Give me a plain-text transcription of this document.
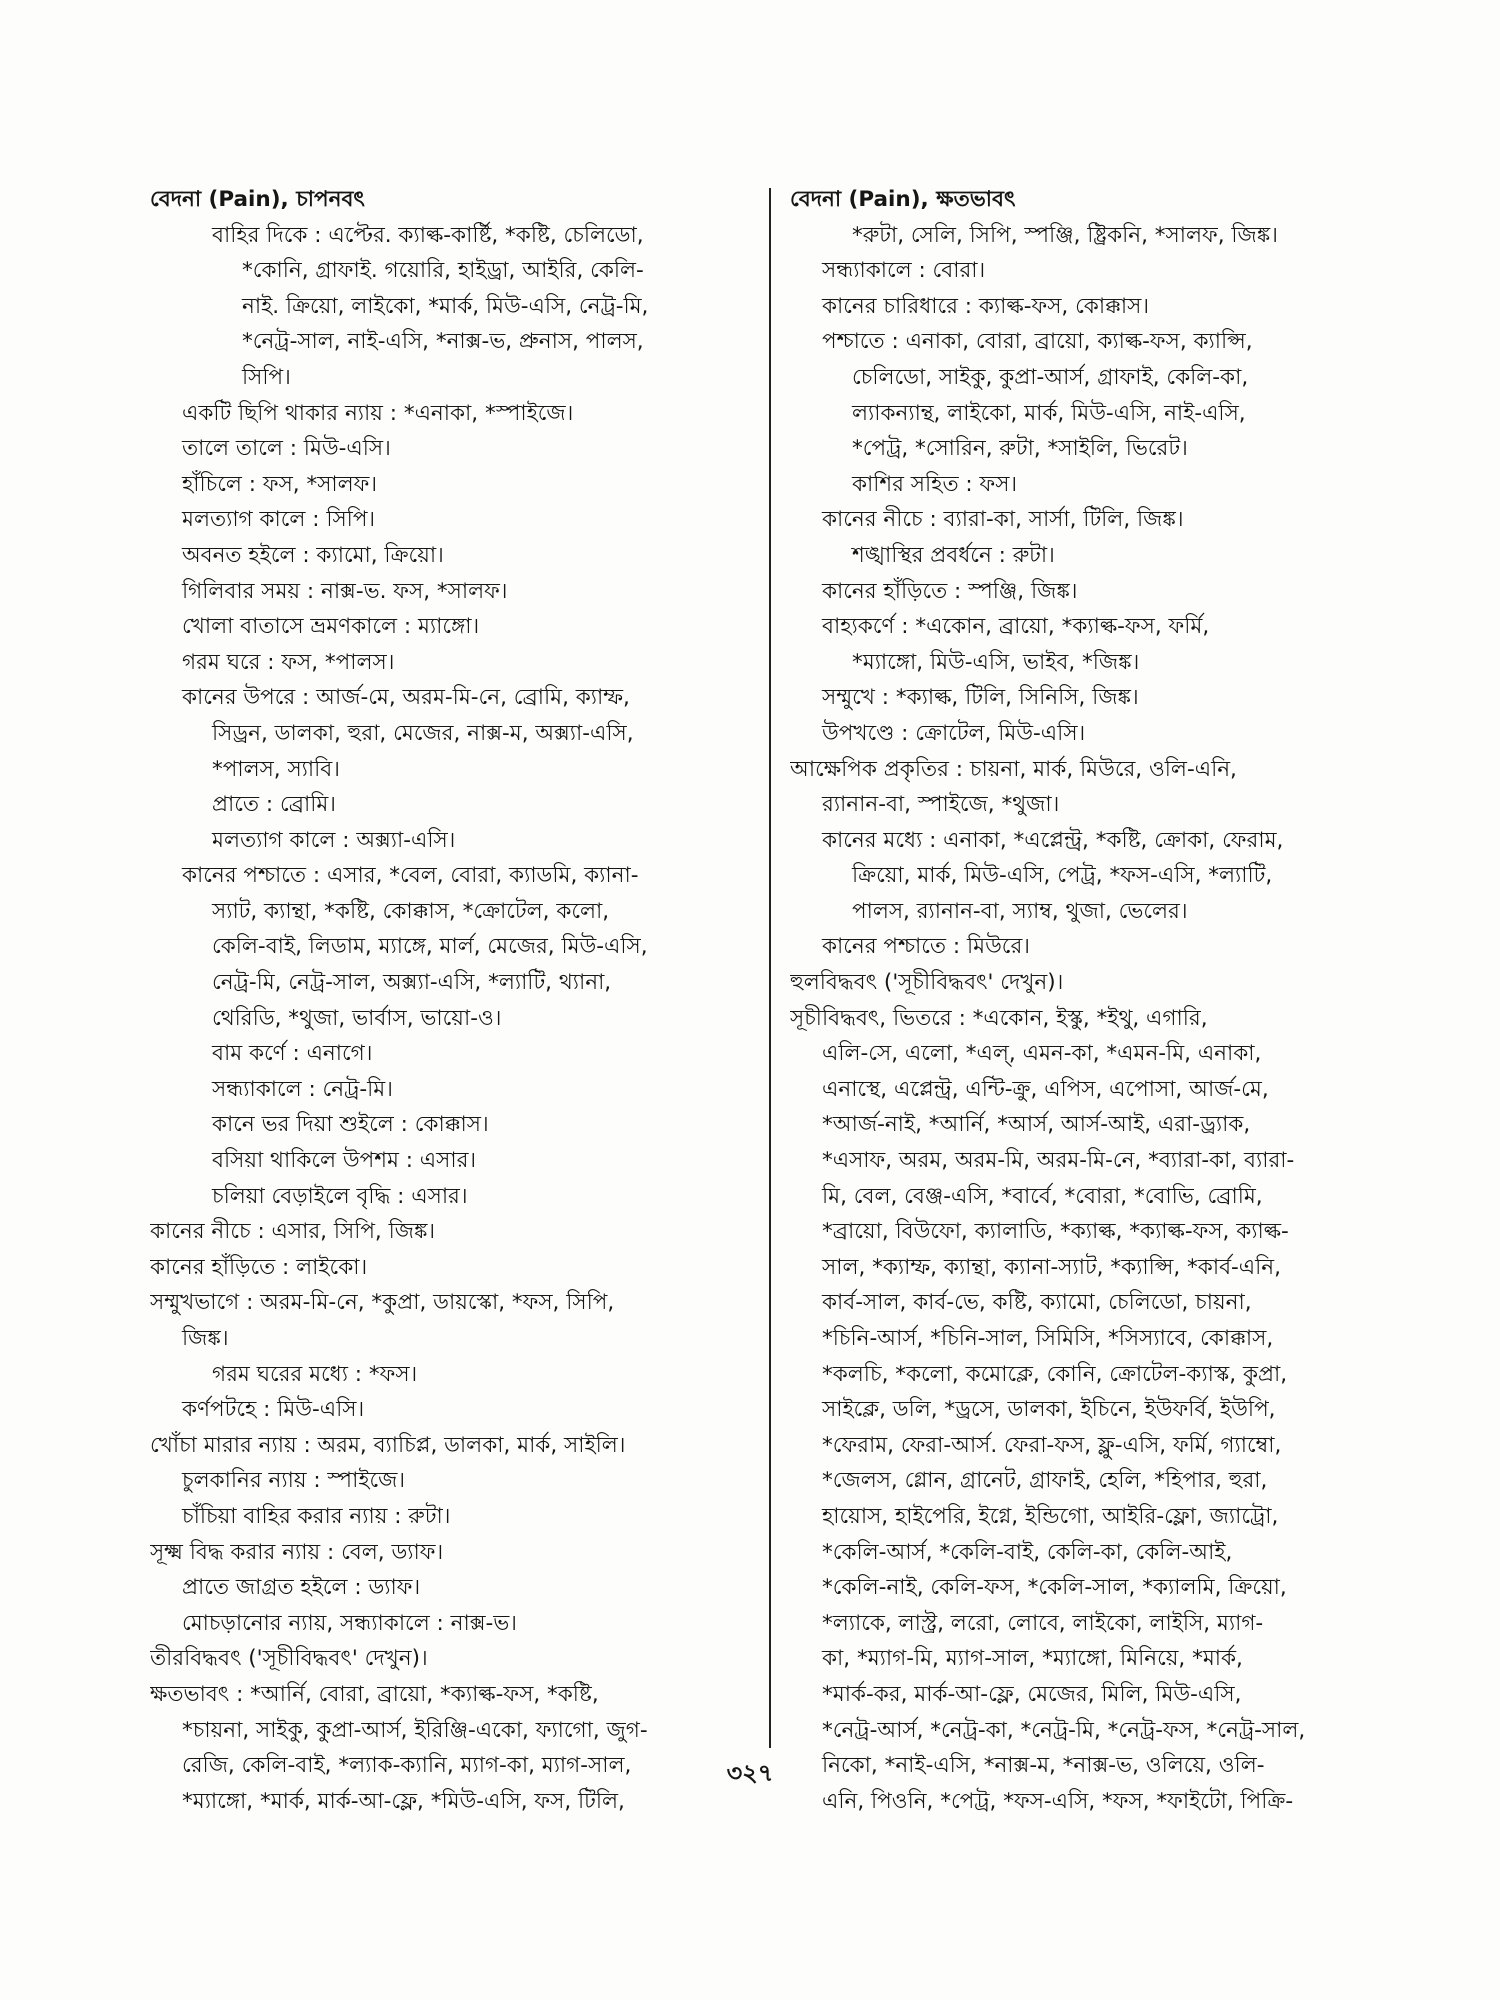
বেদনা (Pain), চাপনবৎ
বাহির দিকে : এপ্টের. ক্যাল্ক-কার্ষ্টি, *কষ্টি, চেলিডো,
*কোনি, গ্রাফাই. গয়োরি, হাইড্রা, আইরি, কেলি-
নাই. ক্রিয়ো, লাইকো, *মার্ক, মিউ-এসি, নেট্র-মি,
*নেট্র-সাল, নাই-এসি, *নাক্স-ভ, প্রুনাস, পালস,
সিপি।
একটি ছিপি থাকার ন্যায় : *এনাকা, *স্পাইজে।
তালে তালে : মিউ-এসি।
হাঁচিলে : ফস, *সালফ।
মলত্যাগ কালে : সিপি।
অবনত হইলে : ক্যামো, ক্রিয়ো।
গিলিবার সময় : নাক্স-ভ. ফস, *সালফ।
খোলা বাতাসে ভ্রমণকালে : ম্যাঙ্গো।
গরম ঘরে : ফস, *পালস।
কানের উপরে : আর্জ-মে, অরম-মি-নে, ব্রোমি, ক্যাম্ফ,
সিড্রন, ডালকা, হুরা, মেজের, নাক্স-ম, অক্স্যা-এসি,
*পালস, স্যাবি।
প্রাতে : ব্রোমি।
মলত্যাগ কালে : অক্স্যা-এসি।
কানের পশ্চাতে : এসার, *বেল, বোরা, ক্যাডমি, ক্যানা-
স্যাট, ক্যান্থা, *কষ্টি, কোক্কাস, *ক্রোটেল, কলো,
কেলি-বাই, লিডাম, ম্যাঙ্গে, মার্ল, মেজের, মিউ-এসি,
নেট্র-মি, নেট্র-সাল, অক্স্যা-এসি, *ল্যাটি, থ্যানা,
থেরিডি, *থুজা, ভার্বাস, ভায়ো-ও।
বাম কর্ণে : এনাগে।
সন্ধ্যাকালে : নেট্র-মি।
কানে ভর দিয়া শুইলে : কোক্কাস।
বসিয়া থাকিলে উপশম : এসার।
চলিয়া বেড়াইলে বৃদ্ধি : এসার।
কানের নীচে : এসার, সিপি, জিঙ্ক।
কানের হাঁড়িতে : লাইকো।
সম্মুখভাগে : অরম-মি-নে, *কুপ্রা, ডায়স্কো, *ফস, সিপি,
জিঙ্ক।
গরম ঘরের মধ্যে : *ফস।
কর্ণপটহে : মিউ-এসি।
খোঁচা মারার ন্যায় : অরম, ব্যাচিপ্ল, ডালকা, মার্ক, সাইলি।
চুলকানির ন্যায় : স্পাইজে।
চাঁচিয়া বাহির করার ন্যায় : রুটা।
সূক্ষ্ম বিদ্ধ করার ন্যায় : বেল, ড্যাফ।
প্রাতে জাগ্রত হইলে : ড্যাফ।
মোচড়ানোর ন্যায়, সন্ধ্যাকালে : নাক্স-ভ।
তীরবিদ্ধবৎ ('সূচীবিদ্ধবৎ' দেখুন)।
ক্ষতভাবৎ : *আর্নি, বোরা, ব্রায়ো, *ক্যাল্ক-ফস, *কষ্টি,
*চায়না, সাইকু, কুপ্রা-আর্স, ইরিঞ্জি-একো, ফ্যাগো, জুগ-
রেজি, কেলি-বাই, *ল্যাক-ক্যানি, ম্যাগ-কা, ম্যাগ-সাল,
*ম্যাঙ্গো, *মার্ক, মার্ক-আ-ফ্লে, *মিউ-এসি, ফস, টিলি,
বেদনা (Pain), ক্ষতভাবৎ
*রুটা, সেলি, সিপি, স্পঞ্জি, ষ্ট্রিকনি, *সালফ, জিঙ্ক।
সন্ধ্যাকালে : বোরা।
কানের চারিধারে : ক্যাল্ক-ফস, কোক্কাস।
পশ্চাতে : এনাকা, বোরা, ব্রায়ো, ক্যাল্ক-ফস, ক্যাপ্সি,
চেলিডো, সাইকু, কুপ্রা-আর্স, গ্রাফাই, কেলি-কা,
ল্যাকন্যান্থ, লাইকো, মার্ক, মিউ-এসি, নাই-এসি,
*পেট্র, *সোরিন, রুটা, *সাইলি, ভিরেট।
কাশির সহিত : ফস।
কানের নীচে : ব্যারা-কা, সার্সা, টিলি, জিঙ্ক।
শঙ্খাস্থির প্রবর্ধনে : রুটা।
কানের হাঁড়িতে : স্পঞ্জি, জিঙ্ক।
বাহ্যকর্ণে : *একোন, ব্রায়ো, *ক্যাল্ক-ফস, ফর্মি,
*ম্যাঙ্গো, মিউ-এসি, ভাইব, *জিঙ্ক।
সম্মুখে : *ক্যাল্ক, টিলি, সিনিসি, জিঙ্ক।
উপখণ্ডে : ক্রোটেল, মিউ-এসি।
আক্ষেপিক প্রকৃতির : চায়না, মার্ক, মিউরে, ওলি-এনি,
র‍্যানান-বা, স্পাইজে, *থুজা।
কানের মধ্যে : এনাকা, *এপ্লেন্ট্র, *কষ্টি, ক্রোকা, ফেরাম,
ক্রিয়ো, মার্ক, মিউ-এসি, পেট্র, *ফস-এসি, *ল্যাটি,
পালস, র‍্যানান-বা, স্যাম্ব, থুজা, ভেলের।
কানের পশ্চাতে : মিউরে।
হুলবিদ্ধবৎ ('সূচীবিদ্ধবৎ' দেখুন)।
সূচীবিদ্ধবৎ, ভিতরে : *একোন, ইস্কু, *ইথু, এগারি,
এলি-সে, এলো, *এল্, এমন-কা, *এমন-মি, এনাকা,
এনাস্থে, এপ্লেন্ট্র, এন্টি-ক্রু, এপিস, এপোসা, আর্জ-মে,
*আর্জ-নাই, *আর্নি, *আর্স, আর্স-আই, এরা-ড্র্যাক,
*এসাফ, অরম, অরম-মি, অরম-মি-নে, *ব্যারা-কা, ব্যারা-
মি, বেল, বেঞ্জ-এসি, *বার্বে, *বোরা, *বোভি, ব্রোমি,
*ব্রায়ো, বিউফো, ক্যালাডি, *ক্যাল্ক, *ক্যাল্ক-ফস, ক্যাল্ক-
সাল, *ক্যাম্ফ, ক্যান্থা, ক্যানা-স্যাট, *ক্যাপ্সি, *কার্ব-এনি,
কার্ব-সাল, কার্ব-ভে, কষ্টি, ক্যামো, চেলিডো, চায়না,
*চিনি-আর্স, *চিনি-সাল, সিমিসি, *সিস্যাবে, কোক্কাস,
*কলচি, *কলো, কমোক্লে, কোনি, ক্রোটেল-ক্যাস্ক, কুপ্রা,
সাইক্লে, ডলি, *ড্রসে, ডালকা, ইচিনে, ইউফর্বি, ইউপি,
*ফেরাম, ফেরা-আর্স. ফেরা-ফস, ফ্লু-এসি, ফর্মি, গ্যাম্বো,
*জেলস, গ্লোন, গ্রানেট, গ্রাফাই, হেলি, *হিপার, হুরা,
হায়োস, হাইপেরি, ইগ্নে, ইন্ডিগো, আইরি-ফ্লো, জ্যাট্রো,
*কেলি-আর্স, *কেলি-বাই, কেলি-কা, কেলি-আই,
*কেলি-নাই, কেলি-ফস, *কেলি-সাল, *ক্যালমি, ক্রিয়ো,
*ল্যাকে, লাস্ট্র, লরো, লোবে, লাইকো, লাইসি, ম্যাগ-
কা, *ম্যাগ-মি, ম্যাগ-সাল, *ম্যাঙ্গো, মিনিয়ে, *মার্ক,
*মার্ক-কর, মার্ক-আ-ফ্লে, মেজের, মিলি, মিউ-এসি,
*নেট্র-আর্স, *নেট্র-কা, *নেট্র-মি, *নেট্র-ফস, *নেট্র-সাল,
নিকো, *নাই-এসি, *নাক্স-ম, *নাক্স-ভ, ওলিয়ে, ওলি-
এনি, পিওনি, *পেট্র, *ফস-এসি, *ফস, *ফাইটো, পিক্রি-
৩২৭
